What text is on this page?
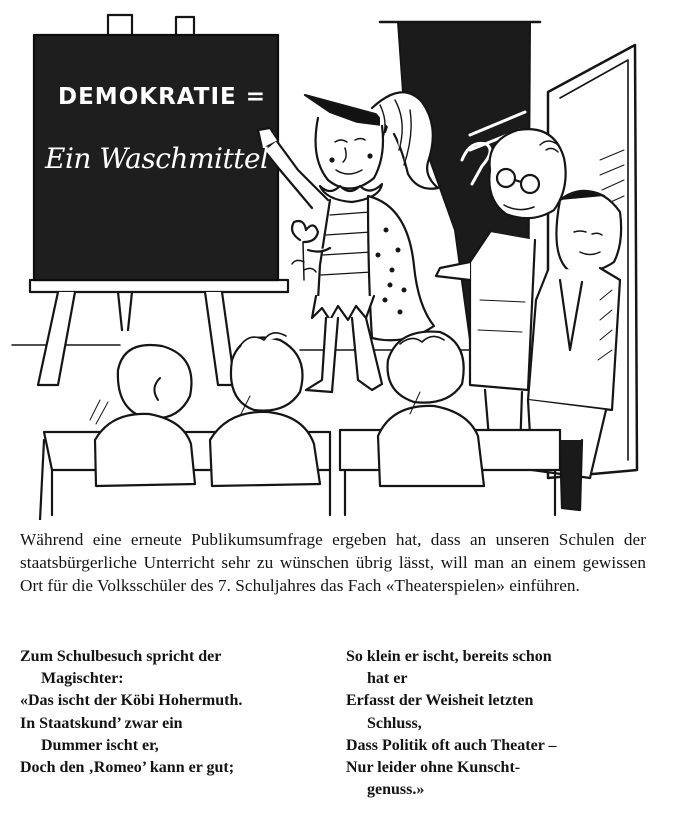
DEMOKRATIE =
Ein Waschmittel
Während eine erneute Publikumsumfrage ergeben hat, dass an unseren Schulen der staatsbürgerliche Unterricht sehr zu wünschen übrig lässt, will man an einem gewissen Ort für die Volksschüler des 7. Schuljahres das Fach «Theaterspielen» einführen.
Zum Schulbesuch spricht der
Magischter:
«Das ischt der Köbi Hohermuth.
In Staatskund’ zwar ein
Dummer ischt er,
Doch den ‚Romeo’ kann er gut;
So klein er ischt, bereits schon
hat er
Erfasst der Weisheit letzten
Schluss,
Dass Politik oft auch Theater –
Nur leider ohne Kunscht-
genuss.»
